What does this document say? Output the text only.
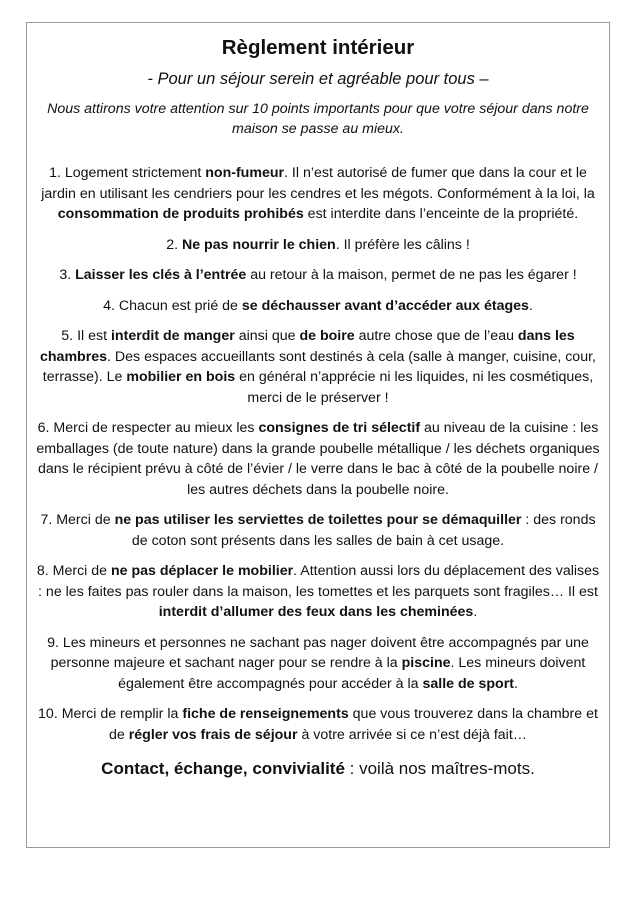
Règlement intérieur
- Pour un séjour serein et agréable pour tous –
Nous attirons votre attention sur 10 points importants pour que votre séjour dans notre maison se passe au mieux.
1. Logement strictement non-fumeur. Il n’est autorisé de fumer que dans la cour et le jardin en utilisant les cendriers pour les cendres et les mégots. Conformément à la loi, la consommation de produits prohibés est interdite dans l’enceinte de la propriété.
2. Ne pas nourrir le chien. Il préfère les câlins !
3. Laisser les clés à l’entrée au retour à la maison, permet de ne pas les égarer !
4. Chacun est prié de se déchausser avant d’accéder aux étages.
5. Il est interdit de manger ainsi que de boire autre chose que de l’eau dans les chambres. Des espaces accueillants sont destinés à cela (salle à manger, cuisine, cour, terrasse). Le mobilier en bois en général n’apprécie ni les liquides, ni les cosmétiques, merci de le préserver !
6. Merci de respecter au mieux les consignes de tri sélectif au niveau de la cuisine : les emballages (de toute nature) dans la grande poubelle métallique / les déchets organiques dans le récipient prévu à côté de l’évier / le verre dans le bac à côté de la poubelle noire / les autres déchets dans la poubelle noire.
7. Merci de ne pas utiliser les serviettes de toilettes pour se démaquiller : des ronds de coton sont présents dans les salles de bain à cet usage.
8. Merci de ne pas déplacer le mobilier. Attention aussi lors du déplacement des valises : ne les faites pas rouler dans la maison, les tomettes et les parquets sont fragiles… Il est interdit d’allumer des feux dans les cheminées.
9. Les mineurs et personnes ne sachant pas nager doivent être accompagnés par une personne majeure et sachant nager pour se rendre à la piscine. Les mineurs doivent également être accompagnés pour accéder à la salle de sport.
10. Merci de remplir la fiche de renseignements que vous trouverez dans la chambre et de régler vos frais de séjour à votre arrivée si ce n’est déjà fait…
Contact, échange, convivialité : voilà nos maîtres-mots.
